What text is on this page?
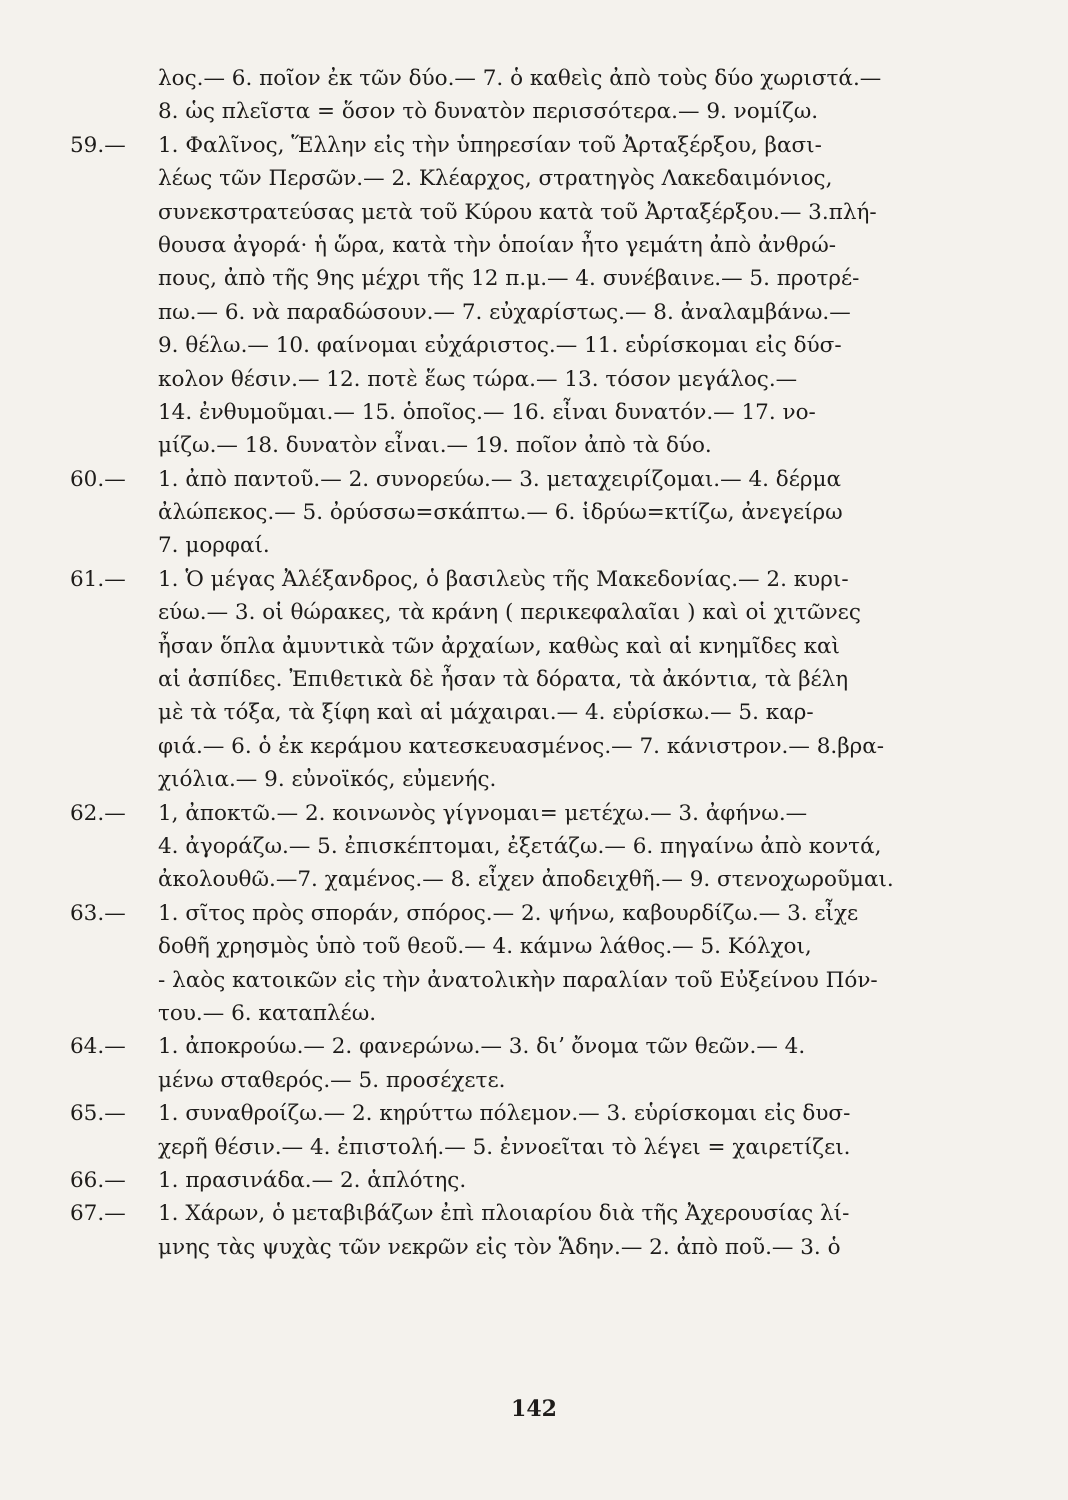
λος.— 6. ποῖον ἐκ τῶν δύο.— 7. ὁ καθεὶς ἀπὸ τοὺς δύο χωριστά.—
8. ὡς πλεῖστα = ὅσον τὸ δυνατὸν περισσότερα.— 9. νομίζω.
59.—	1. Φαλῖνος, Ἕλλην εἰς τὴν ὑπηρεσίαν τοῦ Ἀρταξέρξου, βασι-
λέως τῶν Περσῶν.— 2. Κλέαρχος, στρατηγὸς Λακεδαιμόνιος,
συνεκστρατεύσας μετὰ τοῦ Κύρου κατὰ τοῦ Ἀρταξέρξου.— 3.πλή-
θουσα ἀγορά· ἡ ὥρα, κατὰ τὴν ὁποίαν ἦτο γεμάτη ἀπὸ ἀνθρώ-
πους, ἀπὸ τῆς 9ης μέχρι τῆς 12 π.μ.— 4. συνέβαινε.— 5. προτρέ-
πω.— 6. νὰ παραδώσουν.— 7. εὐχαρίστως.— 8. ἀναλαμβάνω.—
9. θέλω.— 10. φαίνομαι εὐχάριστος.— 11. εὑρίσκομαι εἰς δύσ-
κολον θέσιν.— 12. ποτὲ ἕως τώρα.— 13. τόσον μεγάλος.—
14. ἐνθυμοῦμαι.— 15. ὁποῖος.— 16. εἶναι δυνατόν.— 17. νο-
μίζω.— 18. δυνατὸν εἶναι.— 19. ποῖον ἀπὸ τὰ δύο.
60.—	1. ἀπὸ παντοῦ.— 2. συνορεύω.— 3. μεταχειρίζομαι.— 4. δέρμα
ἀλώπεκος.— 5. ὀρύσσω=σκάπτω.— 6. ἱδρύω=κτίζω, ἀνεγείρω
7. μορφαί.
61.—	1. Ὁ μέγας Ἀλέξανδρος, ὁ βασιλεὺς τῆς Μακεδονίας.— 2. κυρι-
εύω.— 3. οἱ θώρακες, τὰ κράνη ( περικεφαλαῖαι ) καὶ οἱ χιτῶνες
ἦσαν ὅπλα ἀμυντικὰ τῶν ἀρχαίων, καθὼς καὶ αἱ κνημῖδες καὶ
αἱ ἀσπίδες. Ἐπιθετικὰ δὲ ἦσαν τὰ δόρατα, τὰ ἀκόντια, τὰ βέλη
μὲ τὰ τόξα, τὰ ξίφη καὶ αἱ μάχαιραι.— 4. εὑρίσκω.— 5. καρ-
φιά.— 6. ὁ ἐκ κεράμου κατεσκευασμένος.— 7. κάνιστρον.— 8.βρα-
χιόλια.— 9. εὐνοϊκός, εὐμενής.
62.—	1, ἀποκτῶ.— 2. κοινωνὸς γίγνομαι= μετέχω.— 3. ἀφήνω.—
4. ἀγοράζω.— 5. ἐπισκέπτομαι, ἐξετάζω.— 6. πηγαίνω ἀπὸ κοντά,
ἀκολουθῶ.—7. χαμένος.— 8. εἶχεν ἀποδειχθῆ.— 9. στενοχωροῦμαι.
63.—	1. σῖτος πρὸς σποράν, σπόρος.— 2. ψήνω, καβουρδίζω.— 3. εἶχε
δοθῆ χρησμὸς ὑπὸ τοῦ θεοῦ.— 4. κάμνω λάθος.— 5. Κόλχοι,
- λαὸς κατοικῶν εἰς τὴν ἀνατολικὴν παραλίαν τοῦ Εὐξείνου Πόν-
του.— 6. καταπλέω.
64.—	1. ἀποκρούω.— 2. φανερώνω.— 3. διʼ ὄνομα τῶν θεῶν.— 4.
μένω σταθερός.— 5. προσέχετε.
65.—	1. συναθροίζω.— 2. κηρύττω πόλεμον.— 3. εὑρίσκομαι εἰς δυσ-
χερῆ θέσιν.— 4. ἐπιστολή.— 5. ἐννοεῖται τὸ λέγει = χαιρετίζει.
66.—	1. πρασινάδα.— 2. ἁπλότης.
67.—	1. Χάρων, ὁ μεταβιβάζων ἐπὶ πλοιαρίου διὰ τῆς Ἀχερουσίας λί-
μνης τὰς ψυχὰς τῶν νεκρῶν εἰς τὸν Ἅδην.— 2. ἀπὸ ποῦ.— 3. ὁ
142
